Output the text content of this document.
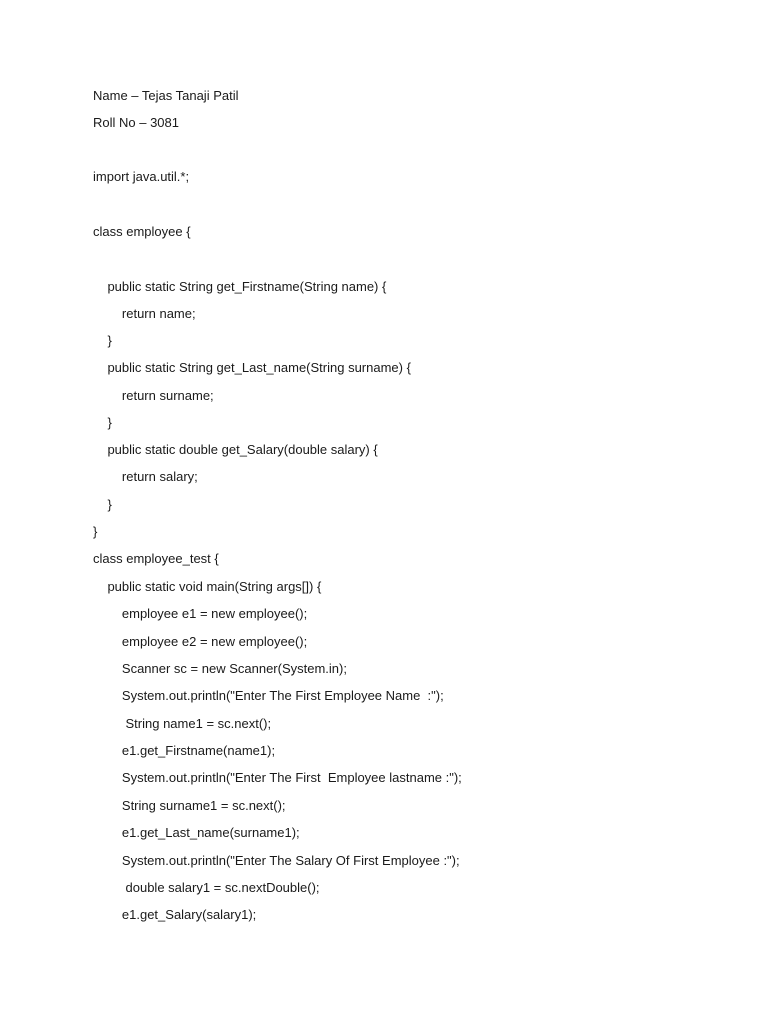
Name – Tejas Tanaji Patil
Roll No – 3081
import java.util.*;
class employee {
public static String get_Firstname(String name) {
return name;
}
public static String get_Last_name(String surname) {
return surname;
}
public static double get_Salary(double salary) {
return salary;
}
}
class employee_test {
public static void main(String args[]) {
employee e1 = new employee();
employee e2 = new employee();
Scanner sc = new Scanner(System.in);
System.out.println("Enter The First Employee Name  :");
String name1 = sc.next();
e1.get_Firstname(name1);
System.out.println("Enter The First  Employee lastname :");
String surname1 = sc.next();
e1.get_Last_name(surname1);
System.out.println("Enter The Salary Of First Employee :");
double salary1 = sc.nextDouble();
e1.get_Salary(salary1);
